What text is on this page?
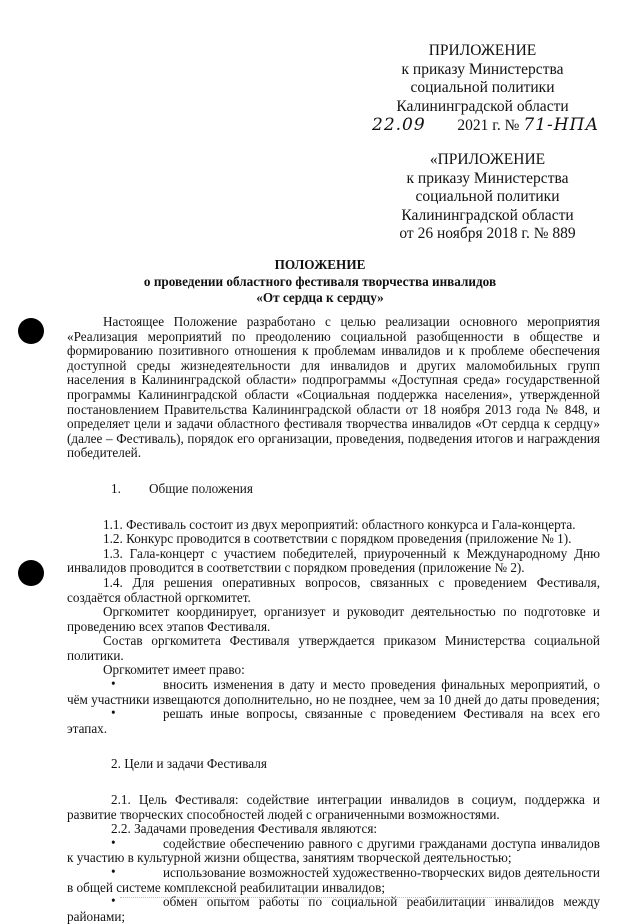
ПРИЛОЖЕНИЕ
к приказу Министерства
социальной политики
Калининградской области
22.09 2021 г. № 71-НПА
«ПРИЛОЖЕНИЕ
к приказу Министерства
социальной политики
Калининградской области
от 26 ноября 2018 г. № 889
ПОЛОЖЕНИЕ
о проведении областного фестиваля творчества инвалидов
«От сердца к сердцу»

Настоящее Положение разработано с целью реализации основного мероприятия «Реализация мероприятий по преодолению социальной разобщенности в обществе и формированию позитивного отношения к проблемам инвалидов и к проблеме обеспечения доступной среды жизнедеятельности для инвалидов и других маломобильных групп населения в Калининградской области» подпрограммы «Доступная среда» государственной программы Калининградской области «Социальная поддержка населения», утвержденной постановлением Правительства Калининградской области от 18 ноября 2013 года № 848, и определяет цели и задачи областного фестиваля творчества инвалидов «От сердца к сердцу» (далее – Фестиваль), порядок его организации, проведения, подведения итогов и награждения победителей.

1. Общие положения

1.1. Фестиваль состоит из двух мероприятий: областного конкурса и Гала-концерта.

1.2. Конкурс проводится в соответствии с порядком проведения (приложение № 1).

1.3. Гала-концерт с участием победителей, приуроченный к Международному Дню инвалидов проводится в соответствии с порядком проведения (приложение № 2).

1.4. Для решения оперативных вопросов, связанных с проведением Фестиваля, создаётся областной оргкомитет.

Оргкомитет координирует, организует и руководит деятельностью по подготовке и проведению всех этапов Фестиваля.

Состав оргкомитета Фестиваля утверждается приказом Министерства социальной политики.

Оргкомитет имеет право:

•	вносить изменения в дату и место проведения финальных мероприятий, о чём участники извещаются дополнительно, но не позднее, чем за 10 дней до даты проведения;

•	решать иные вопросы, связанные с проведением Фестиваля на всех его этапах.

2. Цели и задачи Фестиваля

2.1. Цель Фестиваля: содействие интеграции инвалидов в социум, поддержка и развитие творческих способностей людей с ограниченными возможностями.

2.2. Задачами проведения Фестиваля являются:

•	содействие обеспечению равного с другими гражданами доступа инвалидов к участию в культурной жизни общества, занятиям творческой деятельностью;

•	использование возможностей художественно-творческих видов деятельности в общей системе комплексной реабилитации инвалидов;

•	обмен опытом работы по социальной реабилитации инвалидов между районами;
